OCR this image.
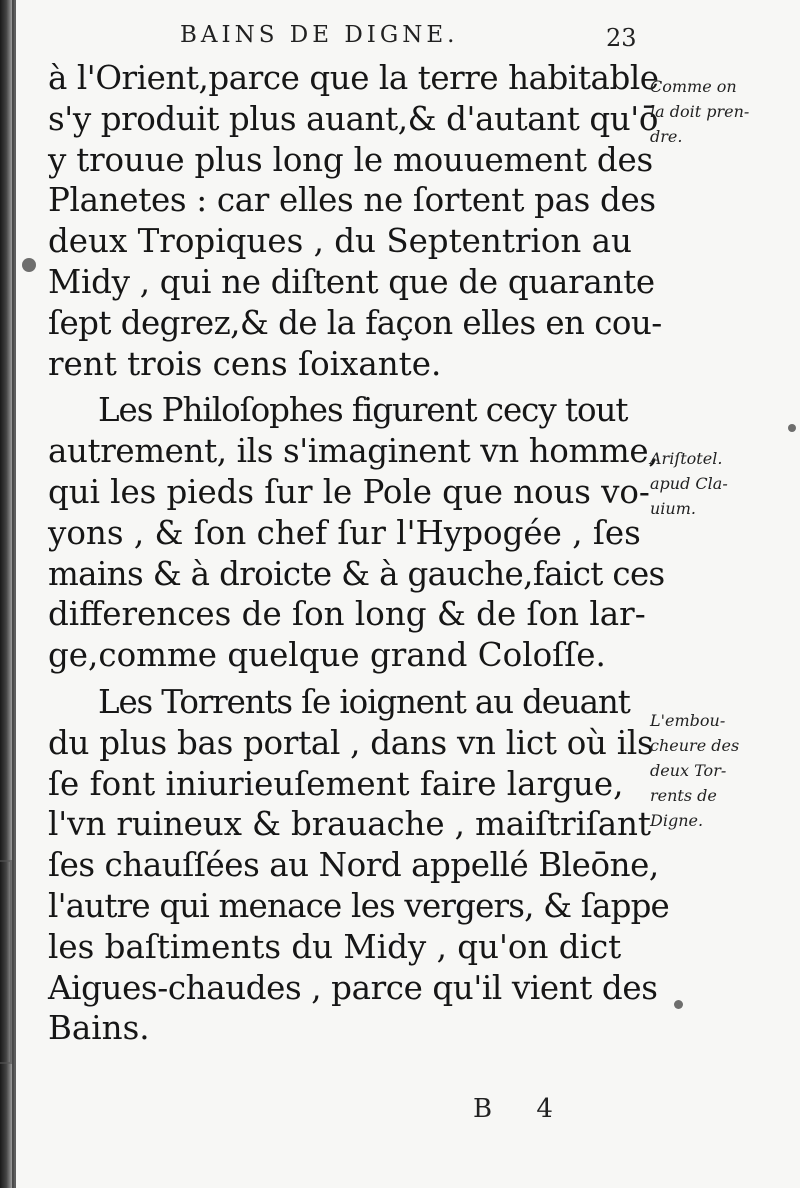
BAINS DE DIGNE.	23
à l'Orient,parce que la terre habitable
s'y produit plus auant,& d'autant qu'ō
y trouue plus long le mouuement des
Planetes : car elles ne ſortent pas des
deux Tropiques , du Septentrion au
Midy , qui ne diſtent que de quarante
ſept degrez,& de la façon elles en cou-
rent trois cens ſoixante.
Les Philoſophes figurent cecy tout
autrement, ils s'imaginent vn homme,
qui les pieds ſur le Pole que nous vo-
yons , & ſon chef ſur l'Hypogée , ſes
mains & à droicte & à gauche,faict ces
differences de ſon long & de ſon lar-
ge,comme quelque grand Coloſſe.
Les Torrents ſe ioignent au deuant
du plus bas portal , dans vn lict où ils
ſe font iniurieuſement faire largue,
l'vn ruineux & brauache , maiſtriſant
ſes chauſſées au Nord appellé Bleōne,
l'autre qui menace les vergers, & ſappe
les baſtiments du Midy , qu'on dict
Aigues-chaudes , parce qu'il vient des
Bains.
Comme on
la doit pren-
dre.
Ariſtotel.
apud Cla-
uium.
L'embou-
cheure des
deux Tor-
rents de
Digne.
B 4
